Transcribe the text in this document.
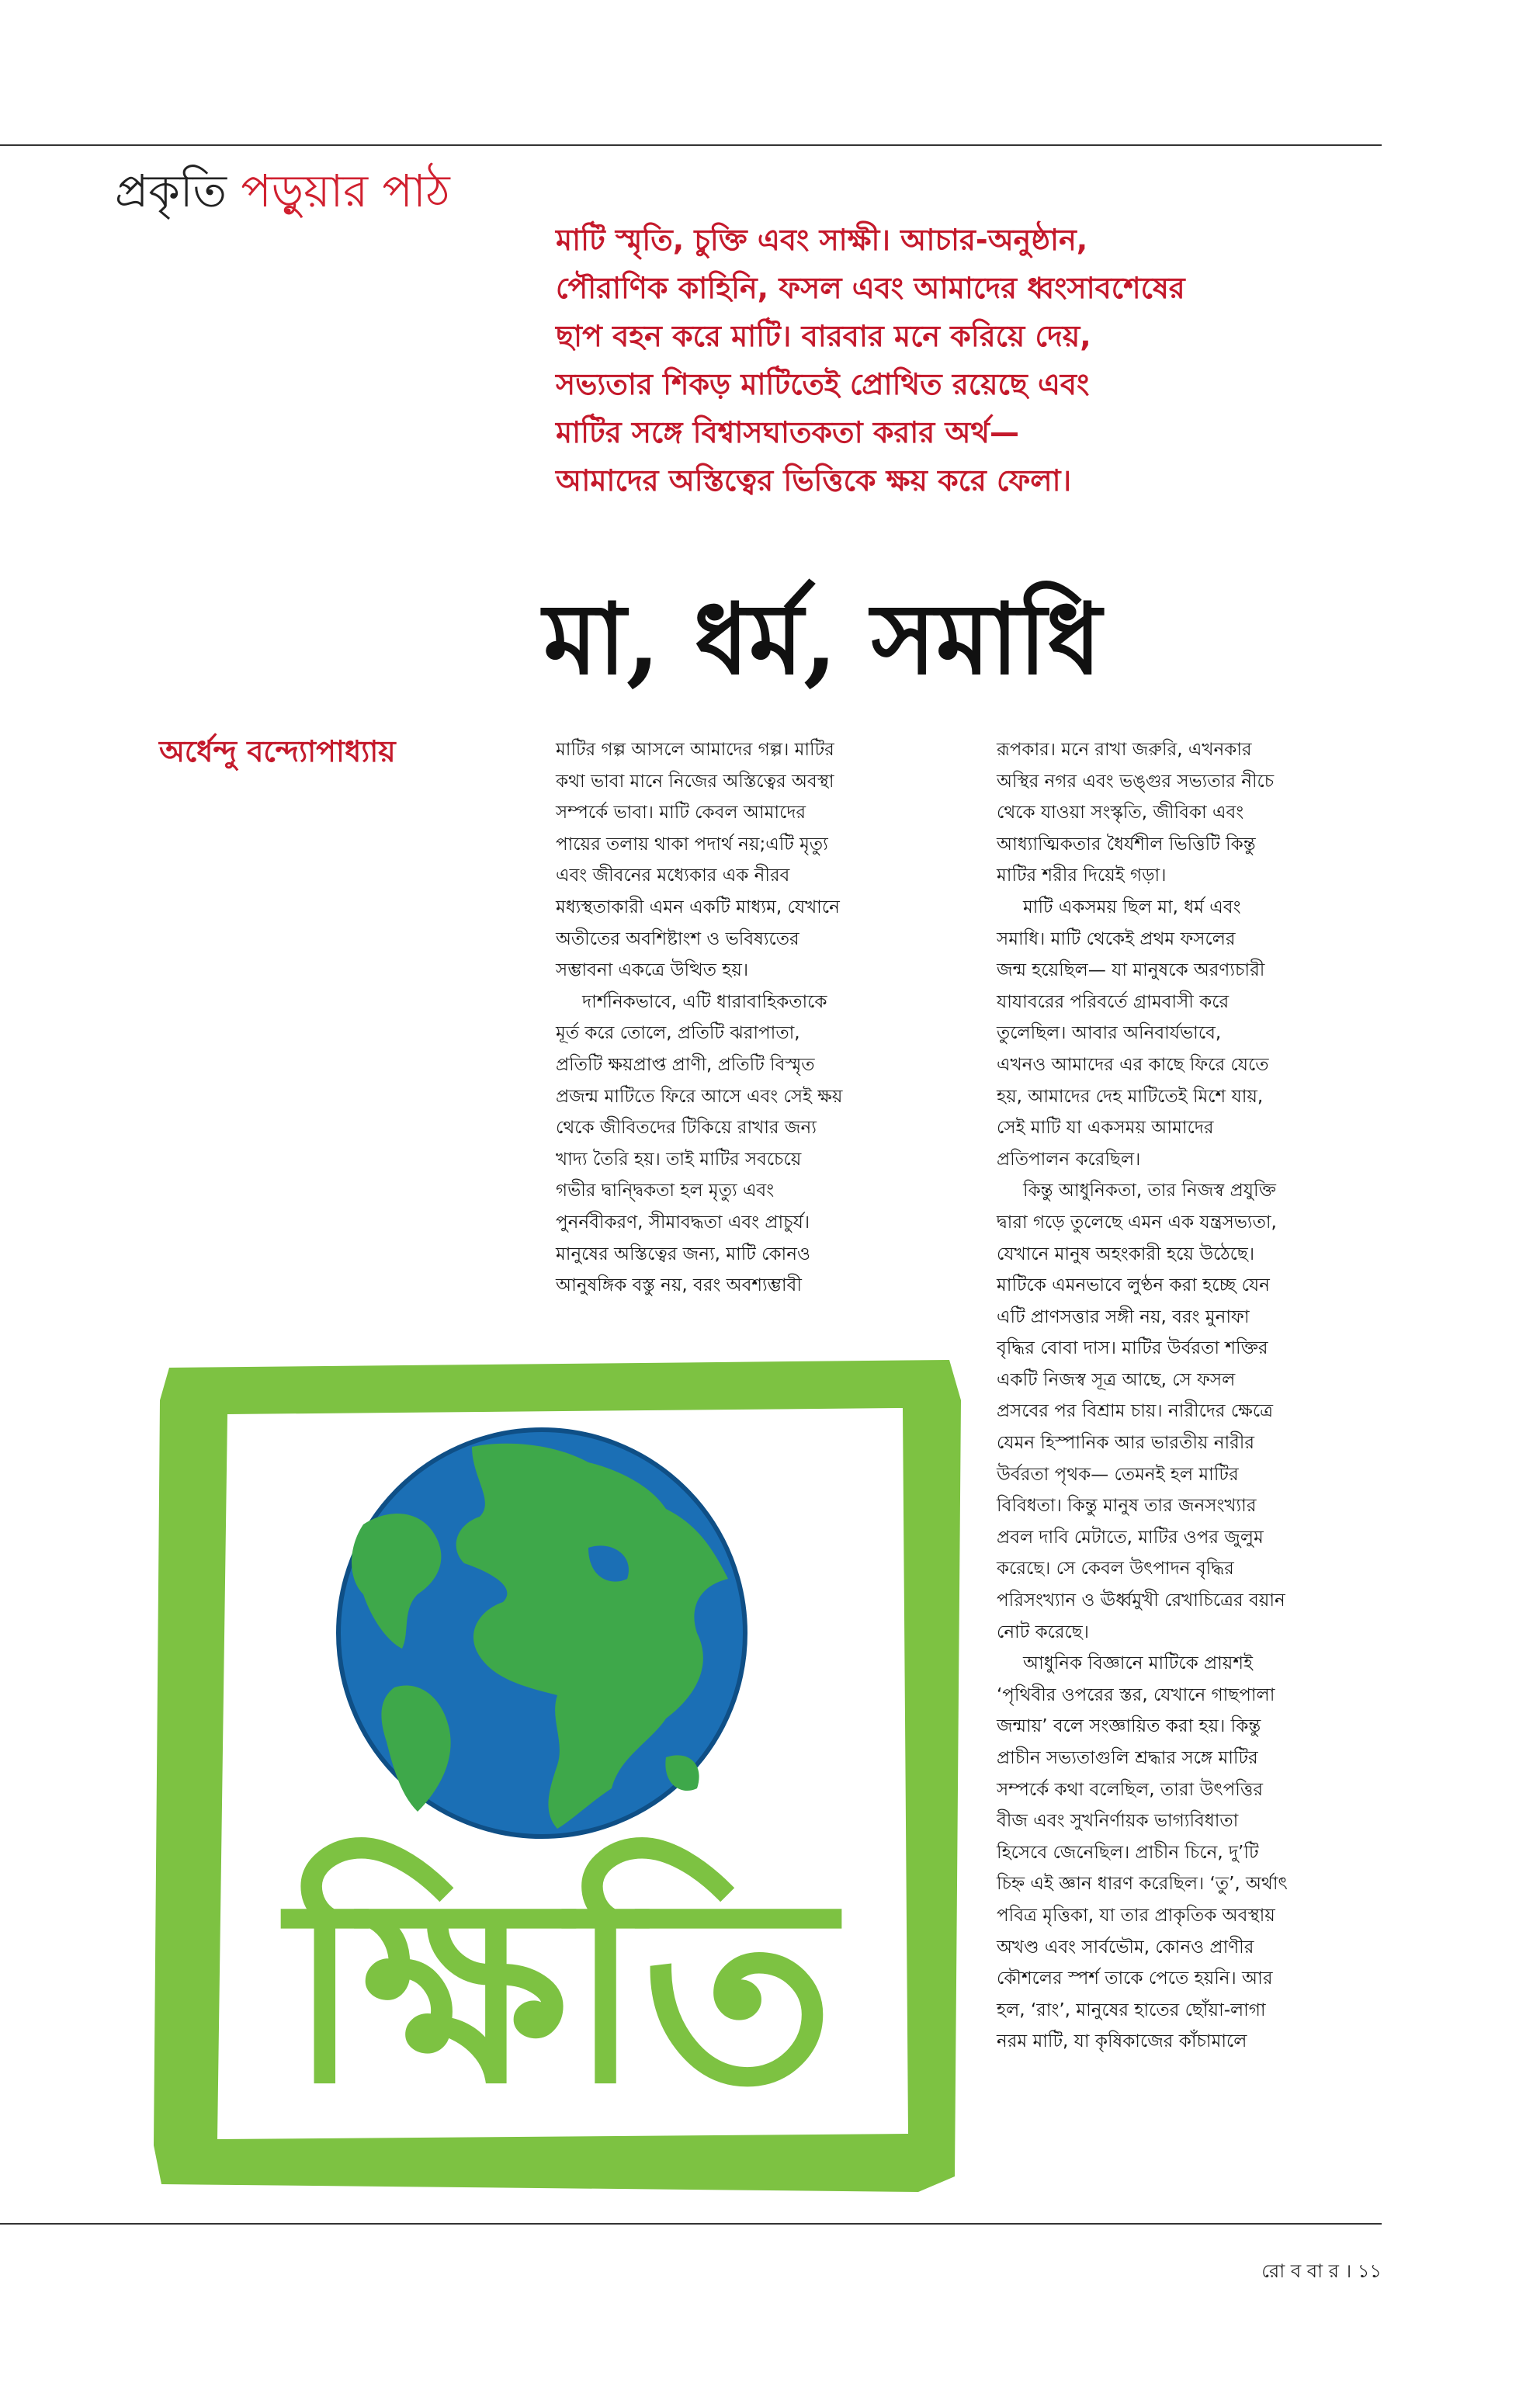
প্রকৃতি পড়ুয়ার পাঠ
মাটি স্মৃতি, চুক্তি এবং সাক্ষী। আচার-অনুষ্ঠান,
পৌরাণিক কাহিনি, ফসল এবং আমাদের ধ্বংসাবশেষের
ছাপ বহন করে মাটি। বারবার মনে করিয়ে দেয়,
সভ্যতার শিকড় মাটিতেই প্রোথিত রয়েছে এবং
মাটির সঙ্গে বিশ্বাসঘাতকতা করার অর্থ—
আমাদের অস্তিত্বের ভিত্তিকে ক্ষয় করে ফেলা।
মা, ধর্ম, সমাধি
অর্ধেন্দু বন্দ্যোপাধ্যায়	মাটির গল্প আসলে আমাদের গল্প। মাটির
কথা ভাবা মানে নিজের অস্তিত্বের অবস্থা
সম্পর্কে ভাবা। মাটি কেবল আমাদের
পায়ের তলায় থাকা পদার্থ নয়;এটি মৃত্যু
এবং জীবনের মধ্যেকার এক নীরব
মধ্যস্থতাকারী এমন একটি মাধ্যম, যেখানে
অতীতের অবশিষ্টাংশ ও ভবিষ্যতের
সম্ভাবনা একত্রে উত্থিত হয়।
দার্শনিকভাবে, এটি ধারাবাহিকতাকে
মূর্ত করে তোলে, প্রতিটি ঝরাপাতা,
প্রতিটি ক্ষয়প্রাপ্ত প্রাণী, প্রতিটি বিস্মৃত
প্রজন্ম মাটিতে ফিরে আসে এবং সেই ক্ষয়
থেকে জীবিতদের টিকিয়ে রাখার জন্য
খাদ্য তৈরি হয়। তাই মাটির সবচেয়ে
গভীর দ্বান্দ্বিকতা হল মৃত্যু এবং
পুনর্নবীকরণ, সীমাবদ্ধতা এবং প্রাচুর্য।
মানুষের অস্তিত্বের জন্য, মাটি কোনও
আনুষঙ্গিক বস্তু নয়, বরং অবশ্যম্ভাবী
রূপকার। মনে রাখা জরুরি, এখনকার
অস্থির নগর এবং ভঙ্গুর সভ্যতার নীচে
থেকে যাওয়া সংস্কৃতি, জীবিকা এবং
আধ্যাত্মিকতার ধৈর্যশীল ভিত্তিটি কিন্তু
মাটির শরীর দিয়েই গড়া।
মাটি একসময় ছিল মা, ধর্ম এবং
সমাধি। মাটি থেকেই প্রথম ফসলের
জন্ম হয়েছিল— যা মানুষকে অরণ্যচারী
যাযাবরের পরিবর্তে গ্রামবাসী করে
তুলেছিল। আবার অনিবার্যভাবে,
এখনও আমাদের এর কাছে ফিরে যেতে
হয়, আমাদের দেহ মাটিতেই মিশে যায়,
সেই মাটি যা একসময় আমাদের
প্রতিপালন করেছিল।
কিন্তু আধুনিকতা, তার নিজস্ব প্রযুক্তি
দ্বারা গড়ে তুলেছে এমন এক যন্ত্রসভ্যতা,
যেখানে মানুষ অহংকারী হয়ে উঠেছে।
মাটিকে এমনভাবে লুণ্ঠন করা হচ্ছে যেন
এটি প্রাণসত্তার সঙ্গী নয়, বরং মুনাফা
বৃদ্ধির বোবা দাস। মাটির উর্বরতা শক্তির
একটি নিজস্ব সূত্র আছে, সে ফসল
প্রসবের পর বিশ্রাম চায়। নারীদের ক্ষেত্রে
যেমন হিস্পানিক আর ভারতীয় নারীর
উর্বরতা পৃথক— তেমনই হল মাটির
বিবিধতা। কিন্তু মানুষ তার জনসংখ্যার
প্রবল দাবি মেটাতে, মাটির ওপর জুলুম
করেছে। সে কেবল উৎপাদন বৃদ্ধির
পরিসংখ্যান ও ঊর্ধ্বমুখী রেখাচিত্রের বয়ান
নোট করেছে।
আধুনিক বিজ্ঞানে মাটিকে প্রায়শই
‘পৃথিবীর ওপরের স্তর, যেখানে গাছপালা
জন্মায়’ বলে সংজ্ঞায়িত করা হয়। কিন্তু
প্রাচীন সভ্যতাগুলি শ্রদ্ধার সঙ্গে মাটির
সম্পর্কে কথা বলেছিল, তারা উৎপত্তির
বীজ এবং সুখনির্ণায়ক ভাগ্যবিধাতা
হিসেবে জেনেছিল। প্রাচীন চিনে, দু’টি
চিহ্ন এই জ্ঞান ধারণ করেছিল। ‘তু’, অর্থাৎ
পবিত্র মৃত্তিকা, যা তার প্রাকৃতিক অবস্থায়
অখণ্ড এবং সার্বভৌম, কোনও প্রাণীর
কৌশলের স্পর্শ তাকে পেতে হয়নি। আর
হল, ‘রাং’, মানুষের হাতের ছোঁয়া-লাগা
নরম মাটি, যা কৃষিকাজের কাঁচামালে
ক্ষিতি
রো ব বা র । ১১
